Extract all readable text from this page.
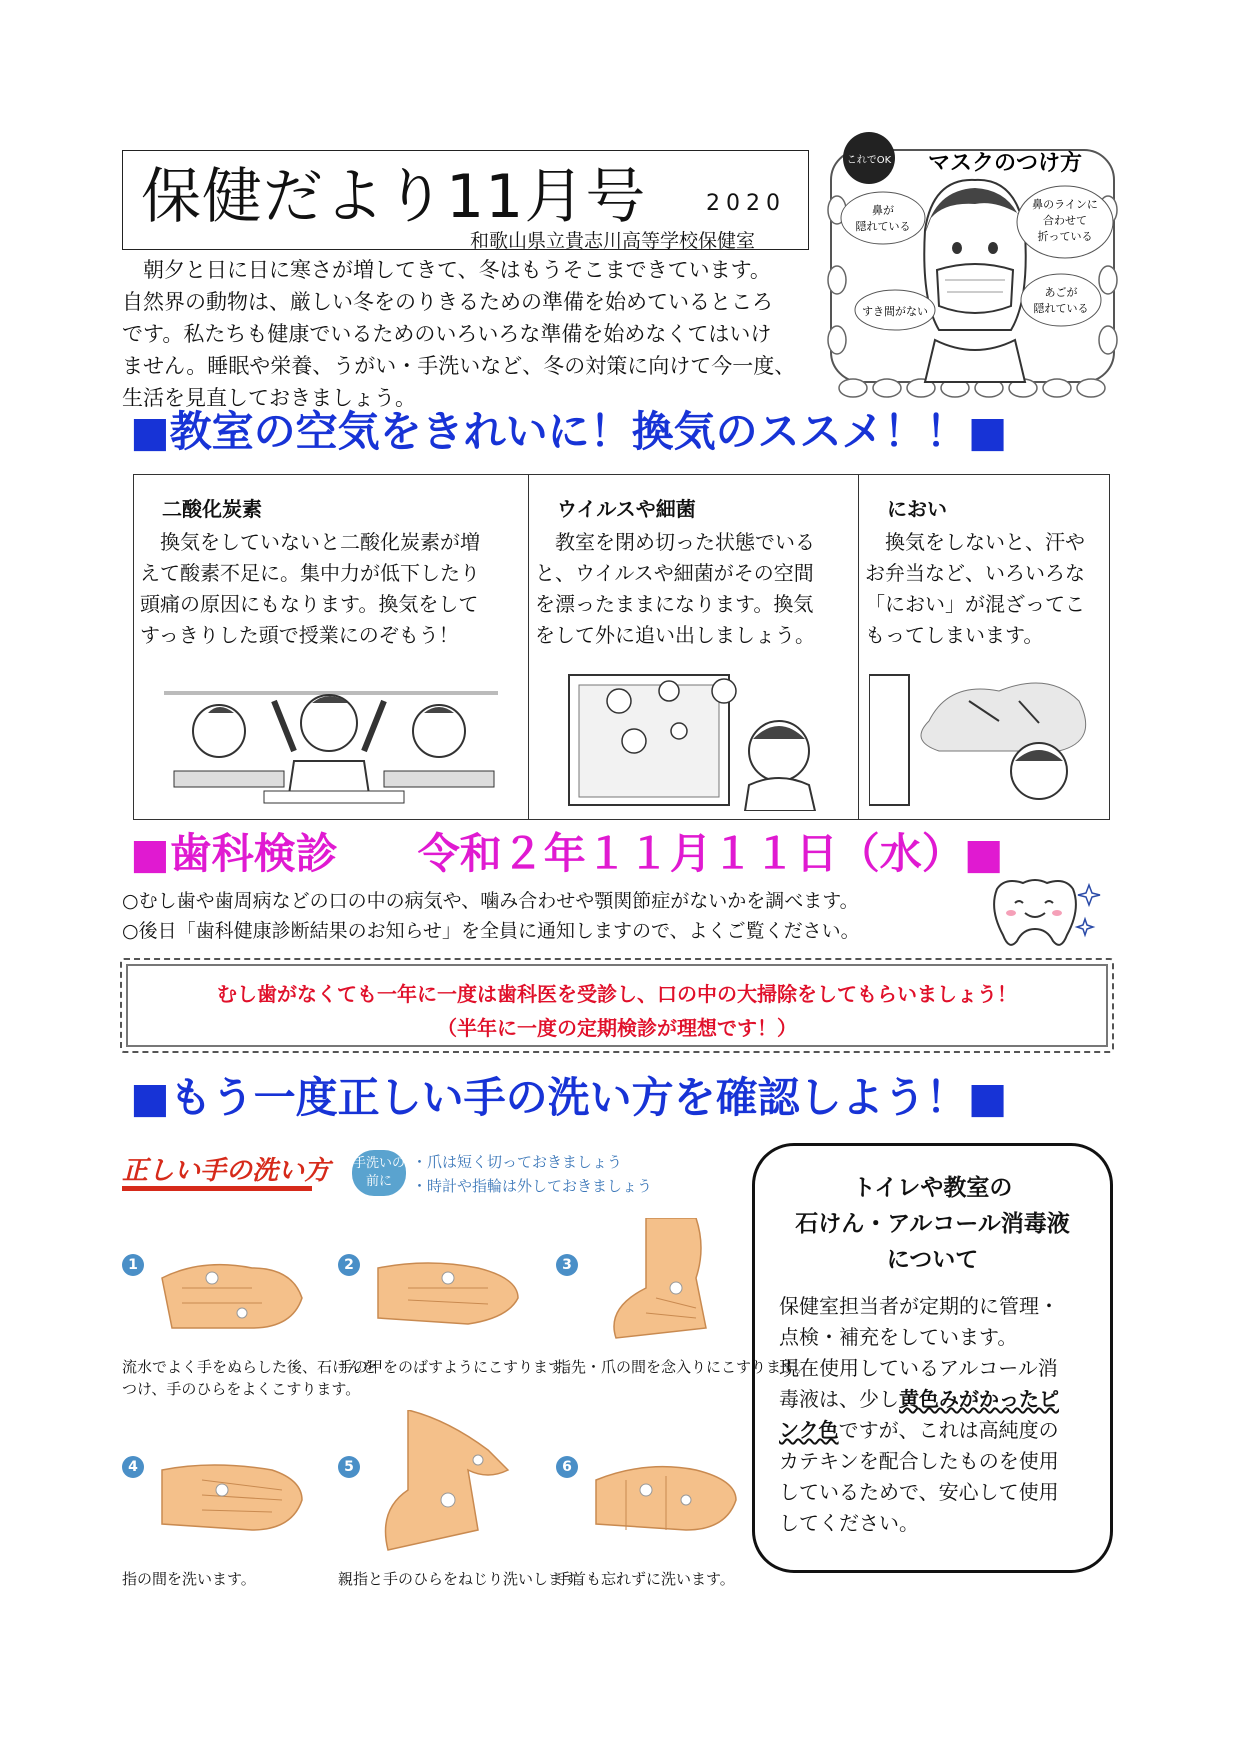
保健だより11月号	2020
和歌山県立貴志川高等学校保健室

　朝夕と日に日に寒さが増してきて、冬はもうそこまできています。

自然界の動物は、厳しい冬をのりきるための準備を始めているところ

です。私たちも健康でいるためのいろいろな準備を始めなくてはいけ

ません。睡眠や栄養、うがい・手洗いなど、冬の対策に向けて今一度、

生活を見直しておきましょう。

これでOK マスクのつけ方
鼻が
隠れている
鼻のラインに
合わせて
折っている
すき間がない
あごが
隠れている
■教室の空気をきれいに！換気のススメ！！■
二酸化炭素
　換気をしていないと二酸化炭素が増
えて酸素不足に。集中力が低下したり
頭痛の原因にもなります。換気をして
すっきりした頭で授業にのぞもう！
ウイルスや細菌
　教室を閉め切った状態でいる
と、ウイルスや細菌がその空間
を漂ったままになります。換気
をして外に追い出しましょう。
におい
　換気をしないと、汗や
お弁当など、いろいろな
「におい」が混ざってこ
もってしまいます。
■歯科検診 令和２年１１月１１日（水）■
○むし歯や歯周病などの口の中の病気や、噛み合わせや顎関節症がないかを調べます。
○後日「歯科健康診断結果のお知らせ」を全員に通知しますので、よくご覧ください。
むし歯がなくても一年に一度は歯科医を受診し、口の中の大掃除をしてもらいましょう！
（半年に一度の定期検診が理想です！）
■もう一度正しい手の洗い方を確認しよう！■
正しい手の洗い方 手洗いの前に
・爪は短く切っておきましょう
・時計や指輪は外しておきましょう
1
流水でよく手をぬらした後、石けんを
つけ、手のひらをよくこすります。
2
手の甲をのばすようにこすります。
3
指先・爪の間を念入りにこすります。
4
指の間を洗います。
5
親指と手のひらをねじり洗いします。
6
手首も忘れずに洗います。
トイレや教室の
石けん・アルコール消毒液
について
保健室担当者が定期的に管理・
点検・補充をしています。
現在使用しているアルコール消
毒液は、少し黄色みがかったピ
ンク色ですが、これは高純度の
カテキンを配合したものを使用
しているためで、安心して使用
してください。
